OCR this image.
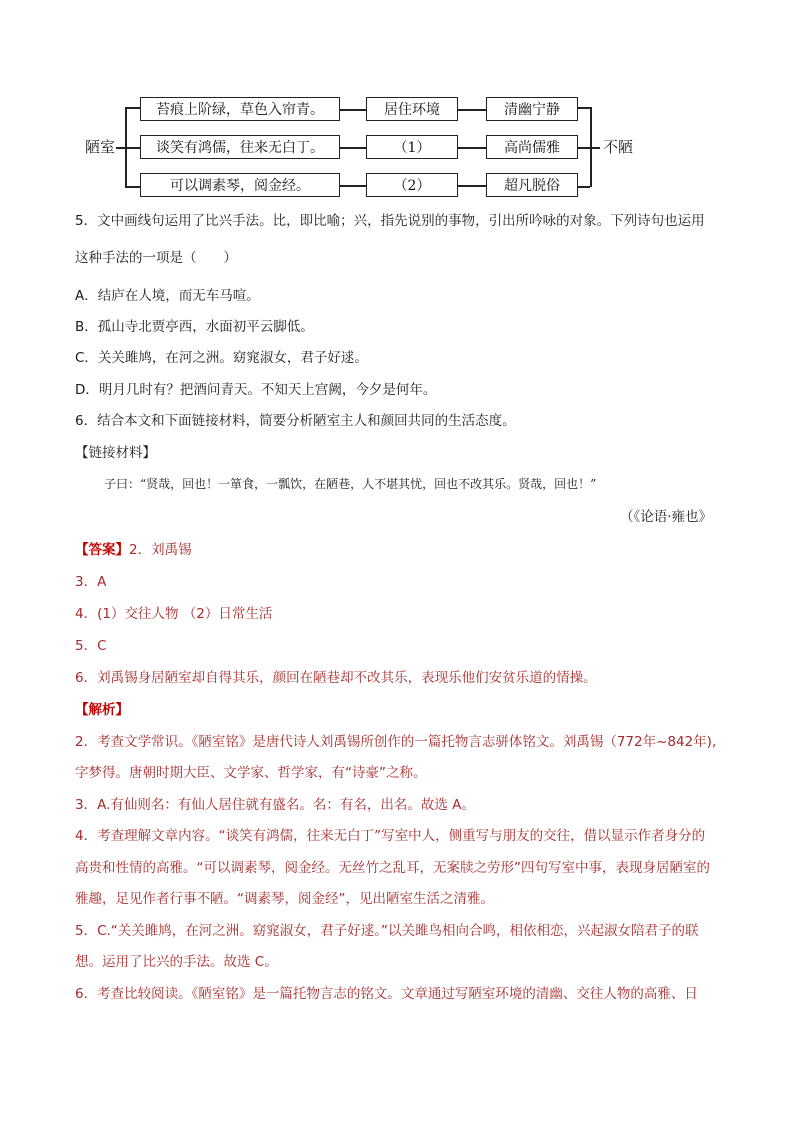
陋室
苔痕上阶绿，草色入帘青。	居住环境	清幽宁静
谈笑有鸿儒，往来无白丁。	（1）	高尚儒雅
可以调素琴，阅金经。	（2）	超凡脱俗
不陋
5．文中画线句运用了比兴手法。比，即比喻；兴，指先说别的事物，引出所吟咏的对象。下列诗句也运用
这种手法的一项是（　　）
A．结庐在人境，而无车马喧。
B．孤山寺北贾亭西，水面初平云脚低。
C．关关雎鸠，在河之洲。窈窕淑女，君子好逑。
D．明月几时有？把酒问青天。不知天上宫阙，今夕是何年。
6．结合本文和下面链接材料，简要分析陋室主人和颜回共同的生活态度。
【链接材料】
子曰：“贤哉，回也！一箪食，一瓢饮，在陋巷，人不堪其忧，回也不改其乐。贤哉，回也！”
（《论语·雍也》
【答案】2．刘禹锡
3．A
4．(1）交往人物 （2）日常生活
5．C
6．刘禹锡身居陋室却自得其乐，颜回在陋巷却不改其乐，表现乐他们安贫乐道的情操。
【解析】
2．考查文学常识。《陋室铭》是唐代诗人刘禹锡所创作的一篇托物言志骈体铭文。刘禹锡（772年~842年),
字梦得。唐朝时期大臣、文学家、哲学家，有“诗豪”之称。
3．A.有仙则名：有仙人居住就有盛名。名：有名，出名。故选 A。
4．考查理解文章内容。“谈笑有鸿儒，往来无白丁”写室中人，侧重写与朋友的交往，借以显示作者身分的
高贵和性情的高雅。“可以调素琴，阅金经。无丝竹之乱耳，无案牍之劳形”四句写室中事，表现身居陋室的
雅趣，足见作者行事不陋。“调素琴，阅金经”，见出陋室生活之清雅。
5．C.“关关雎鸠，在河之洲。窈窕淑女，君子好逑。”以关雎鸟相向合鸣，相依相恋，兴起淑女陪君子的联
想。运用了比兴的手法。故选 C。
6．考查比较阅读。《陋室铭》是一篇托物言志的铭文。文章通过写陋室环境的清幽、交往人物的高雅、日
